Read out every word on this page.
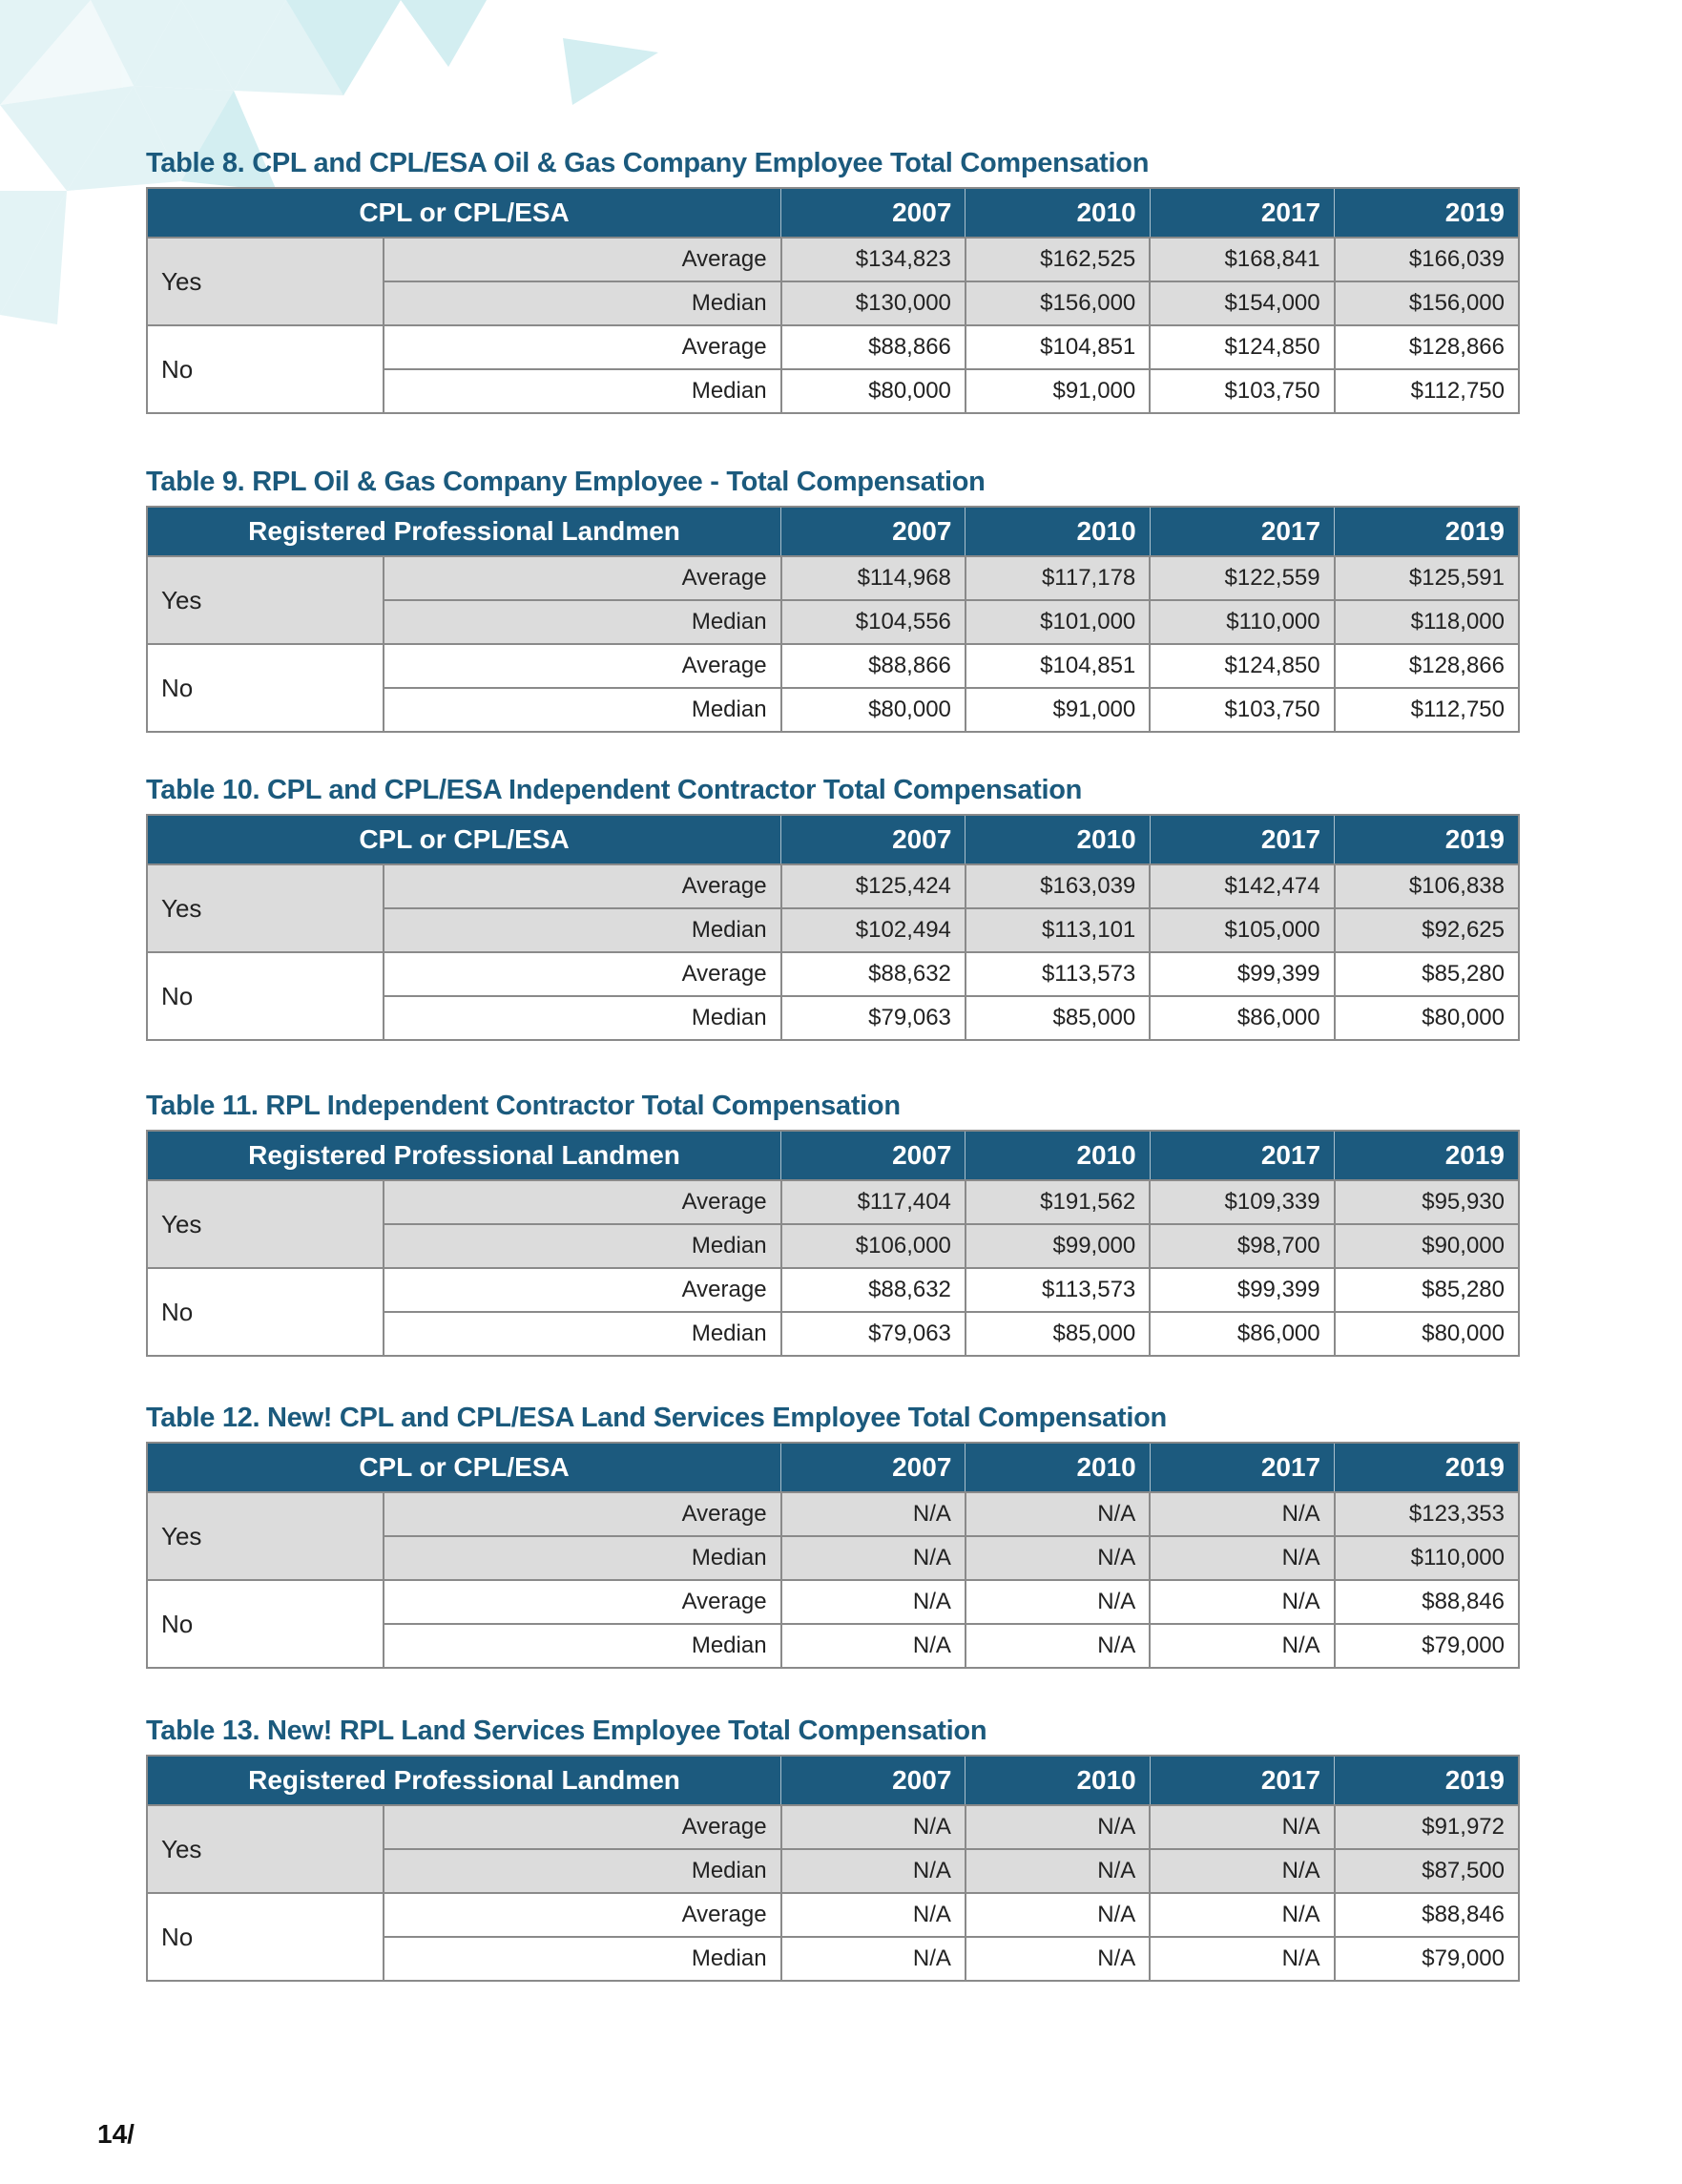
Table 8. CPL and CPL/ESA Oil & Gas Company Employee Total Compensation
CPL or CPL/ESA		2007	2010	2017	2019
Yes	Average	$134,823	$162,525	$168,841	$166,039
	Median	$130,000	$156,000	$154,000	$156,000
No	Average	$88,866	$104,851	$124,850	$128,866
	Median	$80,000	$91,000	$103,750	$112,750
Table 9. RPL Oil & Gas Company Employee - Total Compensation
Registered Professional Landmen		2007	2010	2017	2019
Yes	Average	$114,968	$117,178	$122,559	$125,591
	Median	$104,556	$101,000	$110,000	$118,000
No	Average	$88,866	$104,851	$124,850	$128,866
	Median	$80,000	$91,000	$103,750	$112,750
Table 10. CPL and CPL/ESA Independent Contractor Total Compensation
CPL or CPL/ESA		2007	2010	2017	2019
Yes	Average	$125,424	$163,039	$142,474	$106,838
	Median	$102,494	$113,101	$105,000	$92,625
No	Average	$88,632	$113,573	$99,399	$85,280
	Median	$79,063	$85,000	$86,000	$80,000
Table 11. RPL Independent Contractor Total Compensation
Registered Professional Landmen		2007	2010	2017	2019
Yes	Average	$117,404	$191,562	$109,339	$95,930
	Median	$106,000	$99,000	$98,700	$90,000
No	Average	$88,632	$113,573	$99,399	$85,280
	Median	$79,063	$85,000	$86,000	$80,000
Table 12. New! CPL and CPL/ESA Land Services Employee Total Compensation
CPL or CPL/ESA		2007	2010	2017	2019
Yes	Average	N/A	N/A	N/A	$123,353
	Median	N/A	N/A	N/A	$110,000
No	Average	N/A	N/A	N/A	$88,846
	Median	N/A	N/A	N/A	$79,000
Table 13. New! RPL Land Services Employee Total Compensation
Registered Professional Landmen		2007	2010	2017	2019
Yes	Average	N/A	N/A	N/A	$91,972
	Median	N/A	N/A	N/A	$87,500
No	Average	N/A	N/A	N/A	$88,846
	Median	N/A	N/A	N/A	$79,000
14/
